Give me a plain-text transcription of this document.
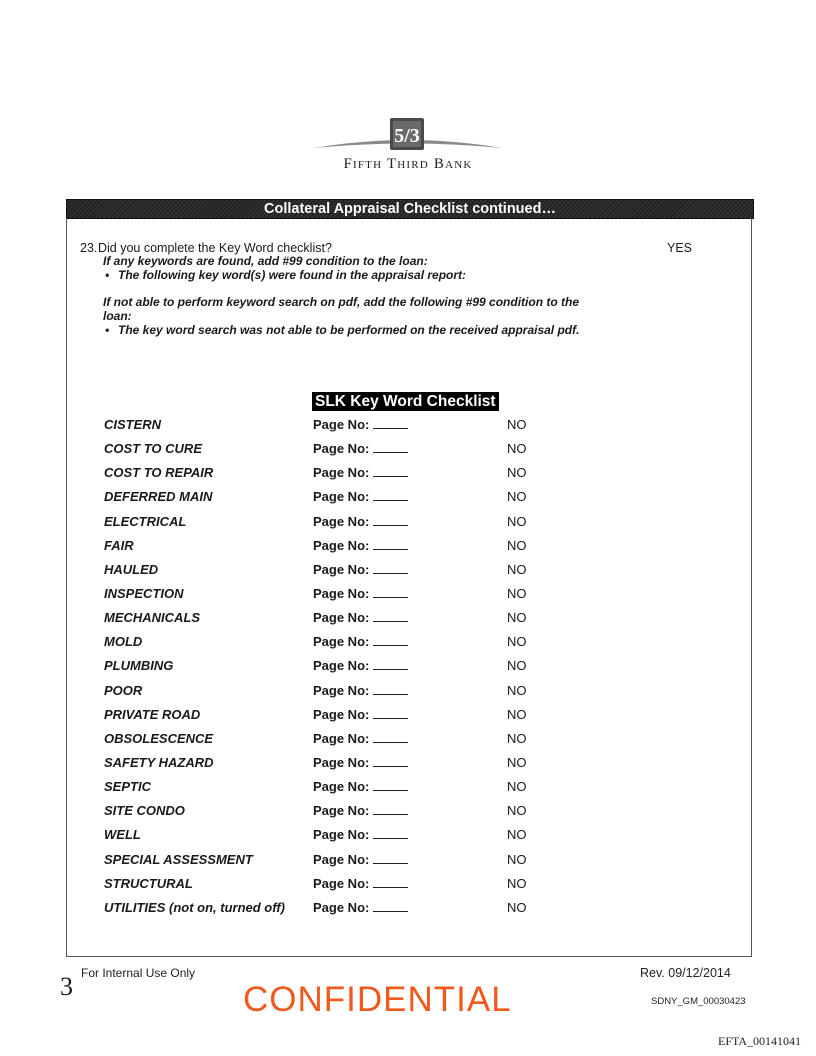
5/3
Fifth Third Bank
Collateral Appraisal Checklist continued…
23. Did you complete the Key Word checklist?	YES
If any keywords are found, add #99 condition to the loan:
• The following key word(s) were found in the appraisal report:
If not able to perform keyword search on pdf, add the following #99 condition to the loan:
• The key word search was not able to be performed on the received appraisal pdf.
SLK Key Word Checklist
CISTERN	Page No:	NO
COST TO CURE	Page No:	NO
COST TO REPAIR	Page No:	NO
DEFERRED MAIN	Page No:	NO
ELECTRICAL	Page No:	NO
FAIR	Page No:	NO
HAULED	Page No:	NO
INSPECTION	Page No:	NO
MECHANICALS	Page No:	NO
MOLD	Page No:	NO
PLUMBING	Page No:	NO
POOR	Page No:	NO
PRIVATE ROAD	Page No:	NO
OBSOLESCENCE	Page No:	NO
SAFETY HAZARD	Page No:	NO
SEPTIC	Page No:	NO
SITE CONDO	Page No:	NO
WELL	Page No:	NO
SPECIAL ASSESSMENT	Page No:	NO
STRUCTURAL	Page No:	NO
UTILITIES (not on, turned off) Page No:	NO
3 For Internal Use Only
CONFIDENTIAL
Rev. 09/12/2014
SDNY_GM_00030423
EFTA_00141041
